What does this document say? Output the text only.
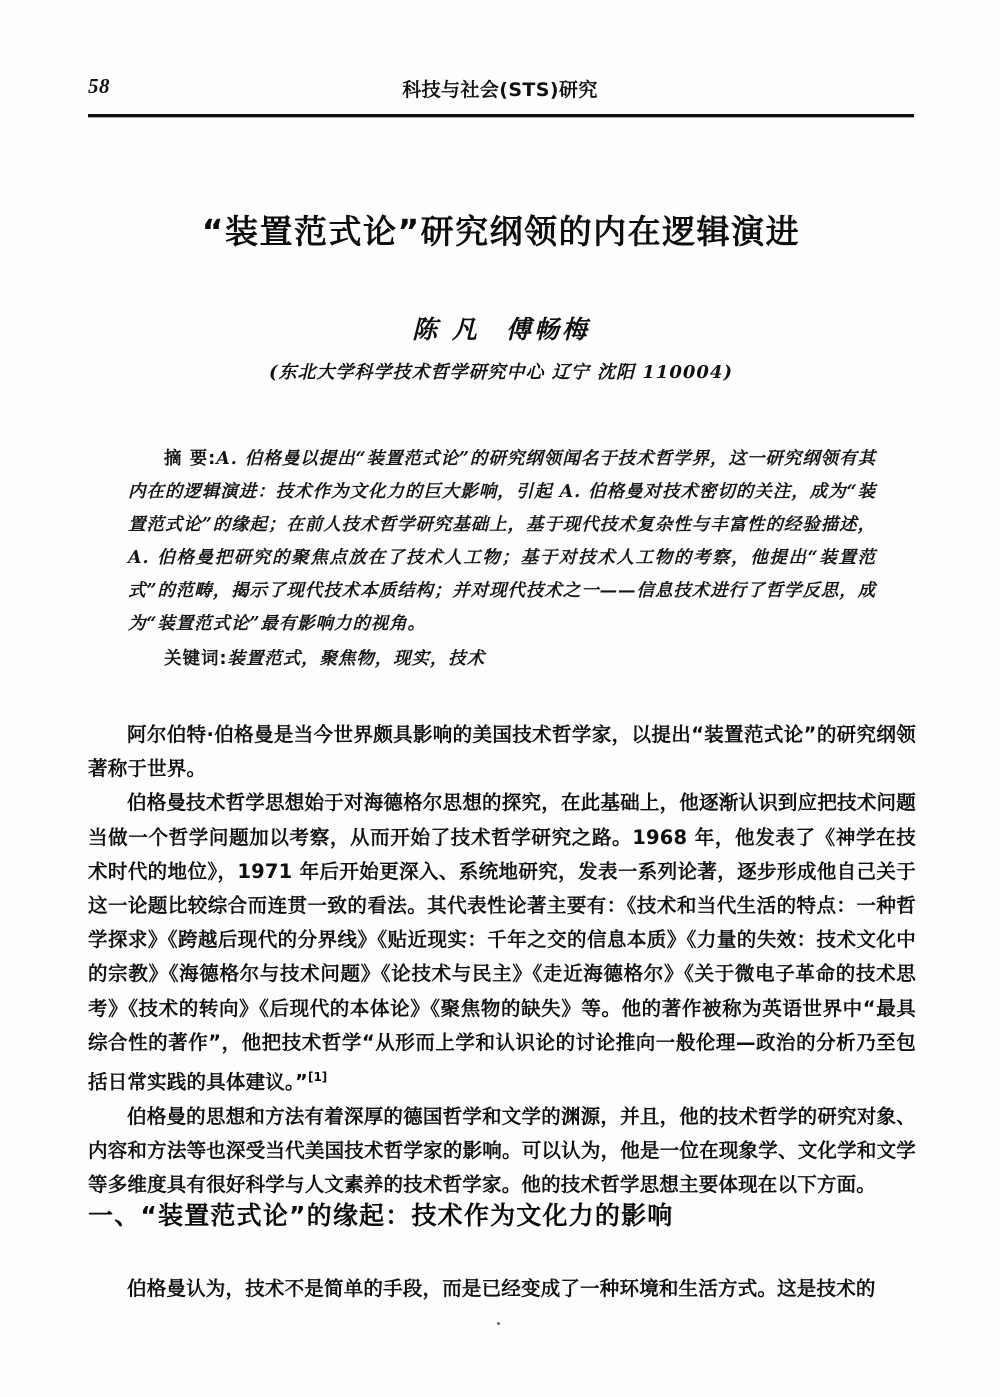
58	科技与社会(STS)研究
“装置范式论”研究纲领的内在逻辑演进
陈 凡 傅畅梅
(东北大学科学技术哲学研究中心 辽宁 沈阳 110004)

摘 要:A. 伯格曼以提出“装置范式论”的研究纲领闻名于技术哲学界，这一研究纲领有其内在的逻辑演进：技术作为文化力的巨大影响，引起 A. 伯格曼对技术密切的关注，成为“装置范式论”的缘起；在前人技术哲学研究基础上，基于现代技术复杂性与丰富性的经验描述，A. 伯格曼把研究的聚焦点放在了技术人工物；基于对技术人工物的考察，他提出“装置范式”的范畴，揭示了现代技术本质结构；并对现代技术之一——信息技术进行了哲学反思，成为“装置范式论”最有影响力的视角。

关键词:装置范式，聚焦物，现实，技术

阿尔伯特·伯格曼是当今世界颇具影响的美国技术哲学家，以提出“装置范式论”的研究纲领著称于世界。

伯格曼技术哲学思想始于对海德格尔思想的探究，在此基础上，他逐渐认识到应把技术问题当做一个哲学问题加以考察，从而开始了技术哲学研究之路。1968 年，他发表了《神学在技术时代的地位》，1971 年后开始更深入、系统地研究，发表一系列论著，逐步形成他自己关于这一论题比较综合而连贯一致的看法。其代表性论著主要有：《技术和当代生活的特点：一种哲学探求》《跨越后现代的分界线》《贴近现实：千年之交的信息本质》《力量的失效：技术文化中的宗教》《海德格尔与技术问题》《论技术与民主》《走近海德格尔》《关于微电子革命的技术思考》《技术的转向》《后现代的本体论》《聚焦物的缺失》等。他的著作被称为英语世界中“最具综合性的著作”，他把技术哲学“从形而上学和认识论的讨论推向一般伦理—政治的分析乃至包括日常实践的具体建议。”[1]

伯格曼的思想和方法有着深厚的德国哲学和文学的渊源，并且，他的技术哲学的研究对象、内容和方法等也深受当代美国技术哲学家的影响。可以认为，他是一位在现象学、文化学和文学等多维度具有很好科学与人文素养的技术哲学家。他的技术哲学思想主要体现在以下方面。

一、“装置范式论”的缘起：技术作为文化力的影响

伯格曼认为，技术不是简单的手段，而是已经变成了一种环境和生活方式。这是技术的
